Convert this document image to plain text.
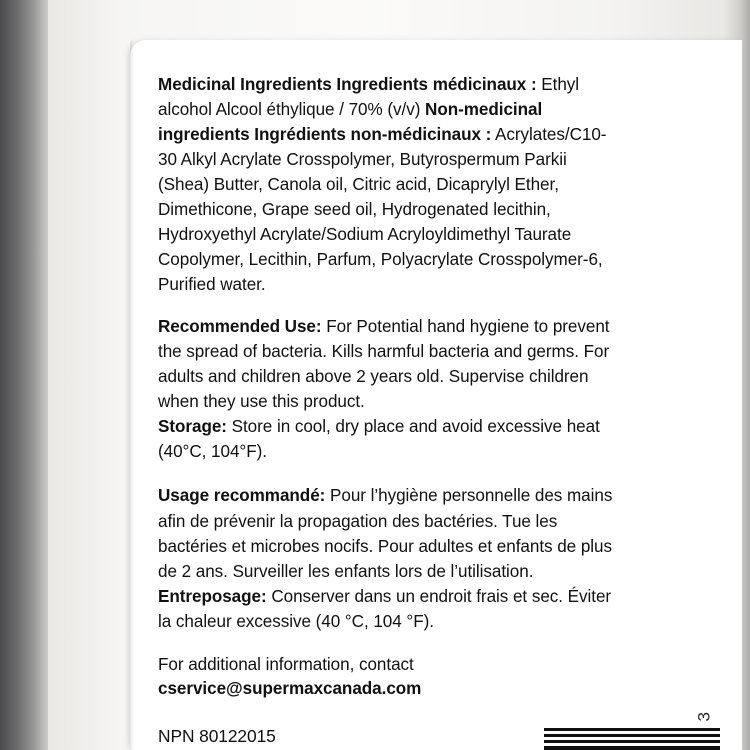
Medicinal Ingredients Ingredients médicinaux : Ethyl alcohol Alcool éthylique / 70% (v/v) Non-medicinal ingredients Ingrédients non-médicinaux : Acrylates/C10-30 Alkyl Acrylate Crosspolymer, Butyrospermum Parkii (Shea) Butter, Canola oil, Citric acid, Dicaprylyl Ether, Dimethicone, Grape seed oil, Hydrogenated lecithin, Hydroxyethyl Acrylate/Sodium Acryloyldimethyl Taurate Copolymer, Lecithin, Parfum, Polyacrylate Crosspolymer-6, Purified water.

Recommended Use: For Potential hand hygiene to prevent the spread of bacteria. Kills harmful bacteria and germs. For adults and children above 2 years old. Supervise children when they use this product.

Storage: Store in cool, dry place and avoid excessive heat (40°C, 104°F).

Usage recommandé: Pour l’hygiène personnelle des mains afin de prévenir la propagation des bactéries. Tue les bactéries et microbes nocifs. Pour adultes et enfants de plus de 2 ans. Surveiller les enfants lors de l’utilisation.

Entreposage: Conserver dans un endroit frais et sec. Éviter la chaleur excessive (40 °C, 104 °F).

For additional information, contact
cservice@supermaxcanada.com

NPN 80122015
3
